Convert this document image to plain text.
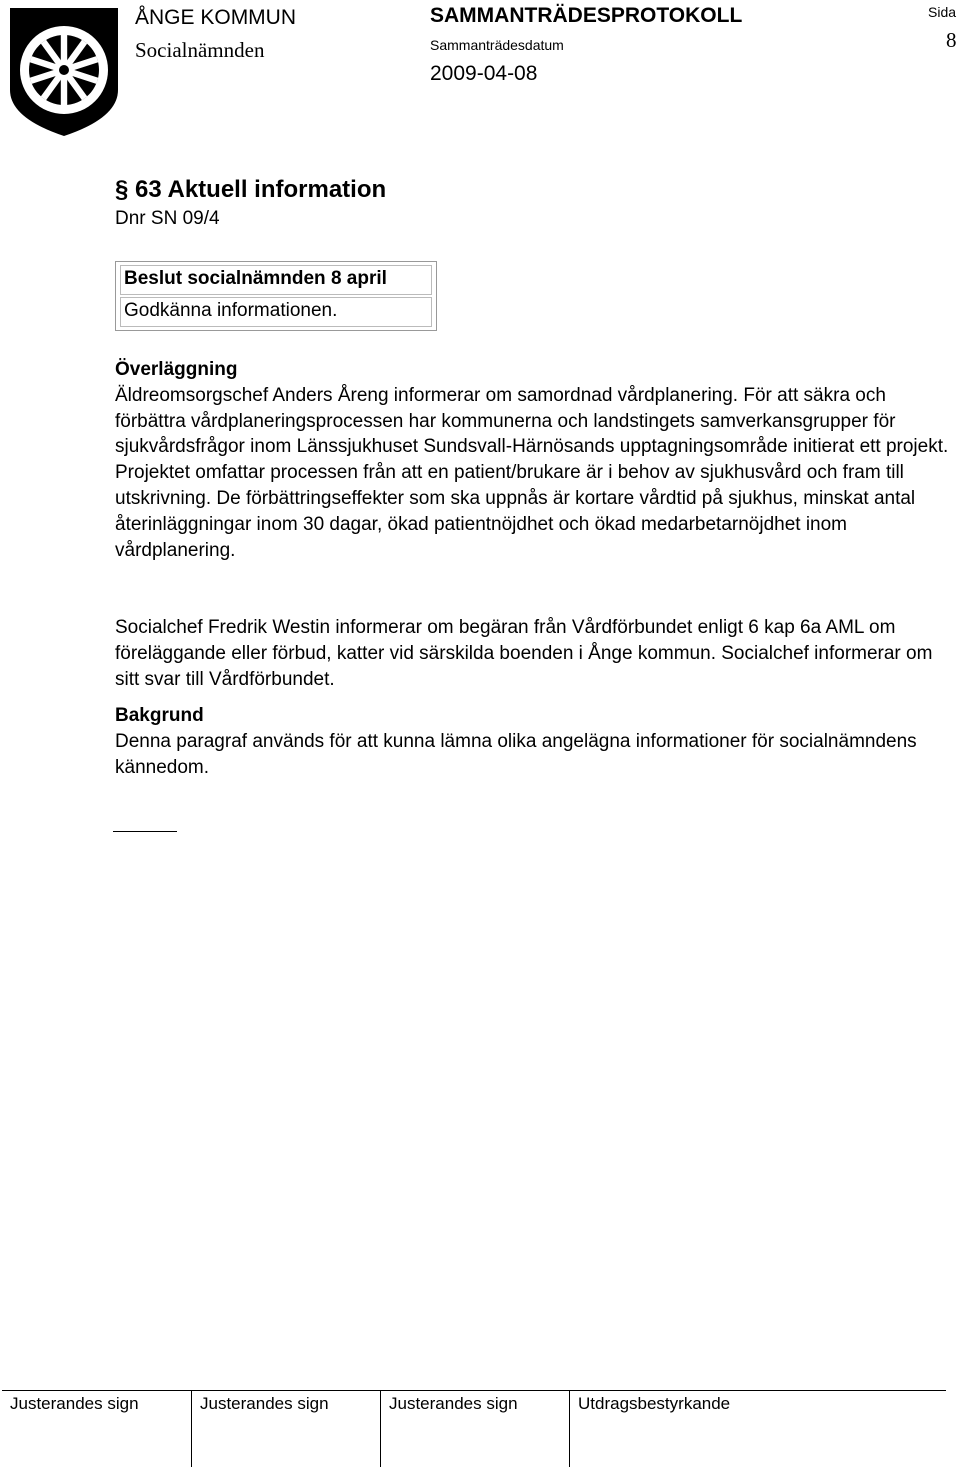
ÅNGE KOMMUN
Socialnämnden
SAMMANTRÄDESPROTOKOLL
Sammanträdesdatum
2009-04-08
Sida
8
§ 63 Aktuell information
Dnr SN 09/4
Beslut socialnämnden 8 april
Godkänna informationen.
Överläggning
Äldreomsorgschef Anders Åreng informerar om samordnad vårdplanering. För att säkra och förbättra vårdplaneringsprocessen har kommunerna och landstingets samverkansgrupper för sjukvårdsfrågor inom Länssjukhuset Sundsvall-Härnösands upptagningsområde initierat ett projekt. Projektet omfattar processen från att en patient/brukare är i behov av sjukhusvård och fram till utskrivning. De förbättringseffekter som ska uppnås är kortare vårdtid på sjukhus, minskat antal återinläggningar inom 30 dagar, ökad patientnöjdhet och ökad medarbetarnöjdhet inom vårdplanering.
Socialchef Fredrik Westin informerar om begäran från Vårdförbundet enligt 6 kap 6a AML om föreläggande eller förbud, katter vid särskilda boenden i Ånge kommun. Socialchef informerar om sitt svar till Vårdförbundet.
Bakgrund
Denna paragraf används för att kunna lämna olika angelägna informationer för socialnämndens kännedom.
Justerandes sign	Justerandes sign	Justerandes sign	Utdragsbestyrkande
